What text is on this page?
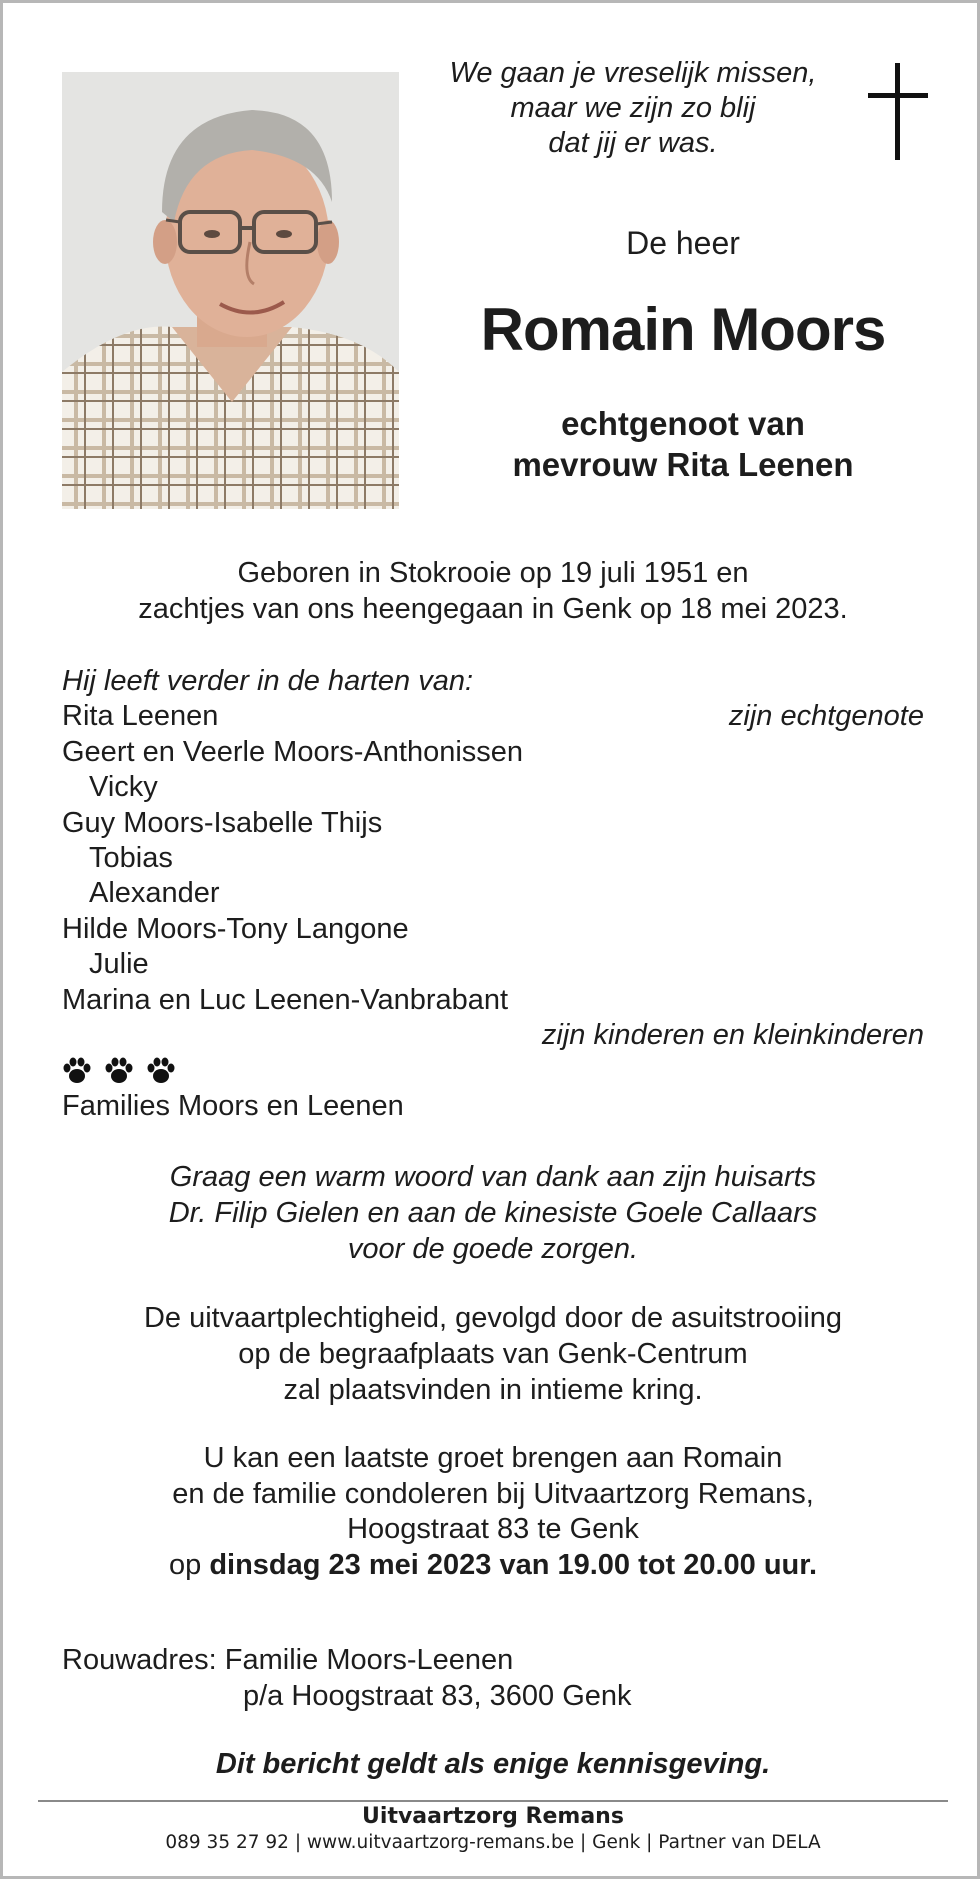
We gaan je vreselijk missen,
maar we zijn zo blij
dat jij er was.
De heer
Romain Moors
echtgenoot van
mevrouw Rita Leenen
Geboren in Stokrooie op 19 juli 1951 en
zachtjes van ons heengegaan in Genk op 18 mei 2023.
Hij leeft verder in de harten van:
Rita Leenen	zijn echtgenote
Geert en Veerle Moors-Anthonissen
Vicky
Guy Moors-Isabelle Thijs
Tobias
Alexander
Hilde Moors-Tony Langone
Julie
Marina en Luc Leenen-Vanbrabant
zijn kinderen en kleinkinderen
Families Moors en Leenen
Graag een warm woord van dank aan zijn huisarts
Dr. Filip Gielen en aan de kinesiste Goele Callaars
voor de goede zorgen.
De uitvaartplechtigheid, gevolgd door de asuitstrooiing
op de begraafplaats van Genk-Centrum
zal plaatsvinden in intieme kring.
U kan een laatste groet brengen aan Romain
en de familie condoleren bij Uitvaartzorg Remans,
Hoogstraat 83 te Genk
op dinsdag 23 mei 2023 van 19.00 tot 20.00 uur.
Rouwadres: Familie Moors-Leenen
p/a Hoogstraat 83, 3600 Genk
Dit bericht geldt als enige kennisgeving.
Uitvaartzorg Remans
089 35 27 92 | www.uitvaartzorg-remans.be | Genk | Partner van DELA
